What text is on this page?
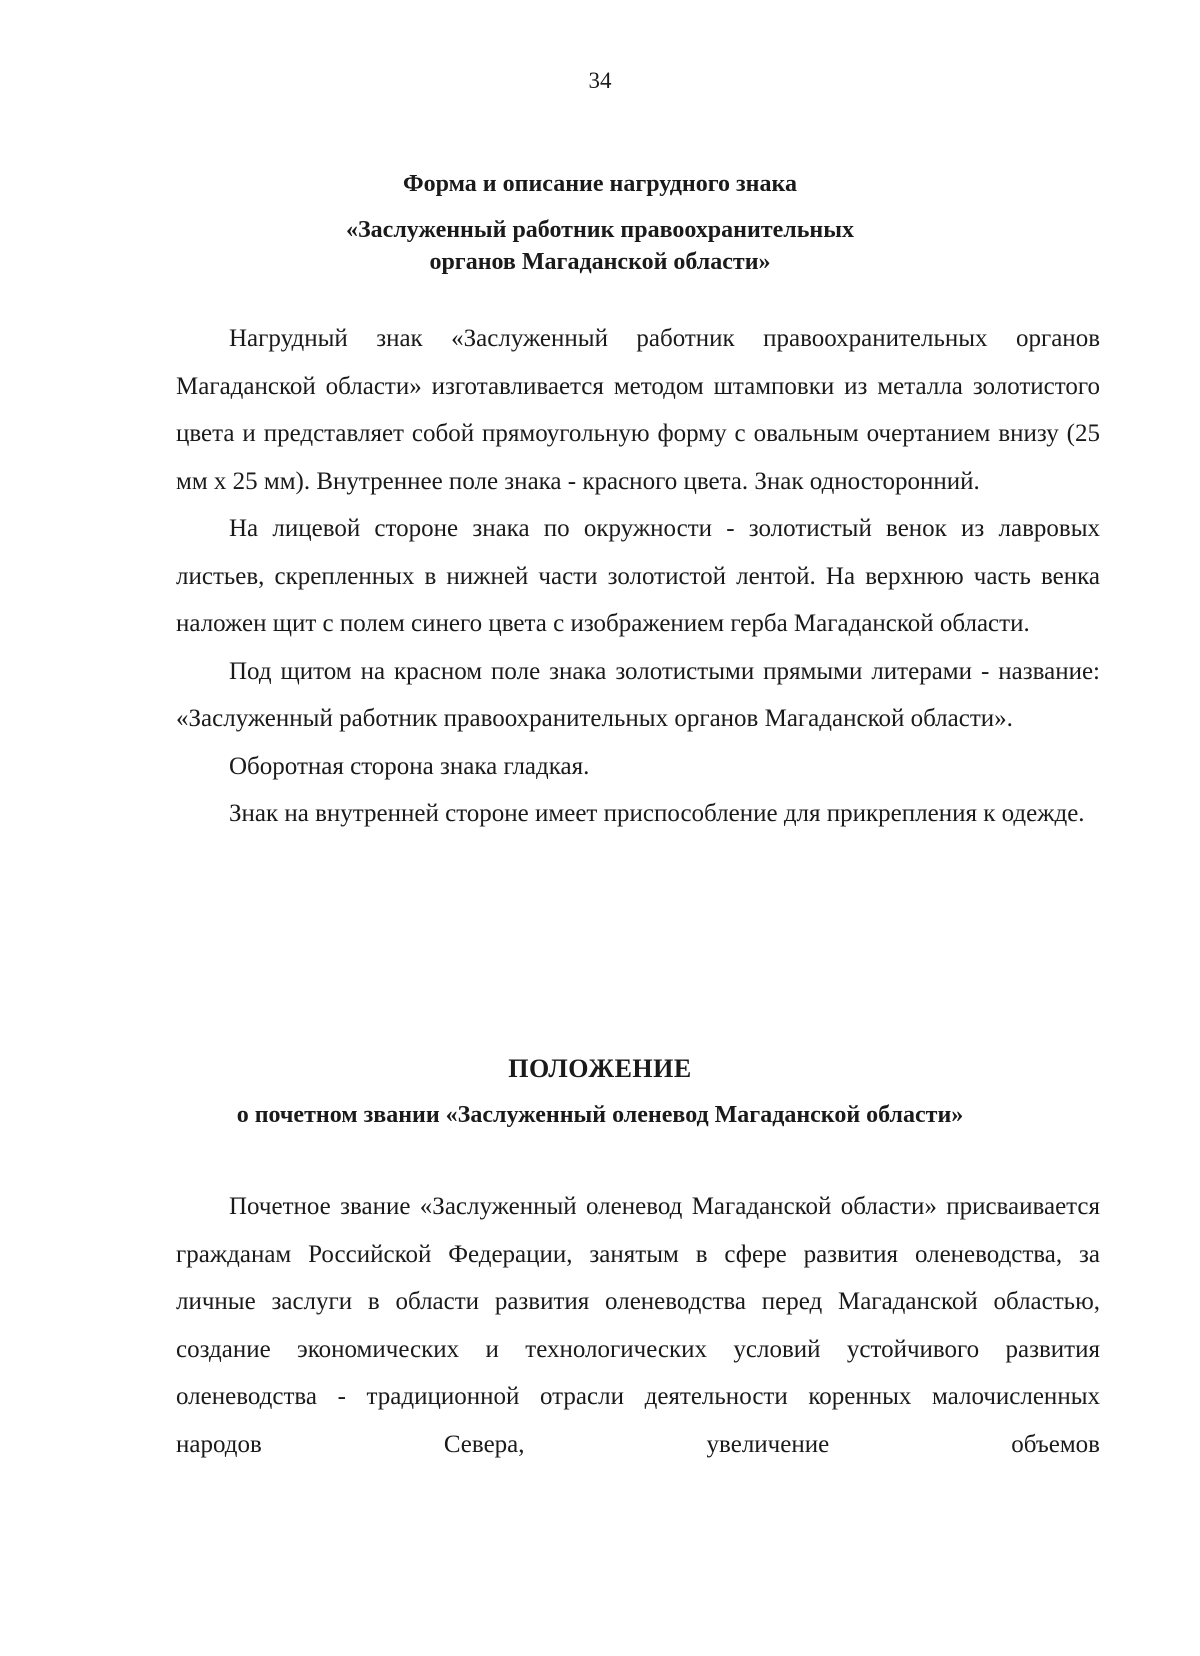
34
Форма и описание нагрудного знака
«Заслуженный работник правоохранительных
органов Магаданской области»

Нагрудный знак «Заслуженный работник правоохранительных органов Магаданской области» изготавливается методом штамповки из металла золотистого цвета и представляет собой прямоугольную форму с овальным очертанием внизу (25 мм х 25 мм). Внутреннее поле знака - красного цвета. Знак односторонний.

На лицевой стороне знака по окружности - золотистый венок из лавровых листьев, скрепленных в нижней части золотистой лентой. На верхнюю часть венка наложен щит с полем синего цвета с изображением герба Магаданской области.

Под щитом на красном поле знака золотистыми прямыми литерами - название: «Заслуженный работник правоохранительных органов Магаданской области».

Оборотная сторона знака гладкая.

Знак на внутренней стороне имеет приспособление для прикрепления к одежде.

ПОЛОЖЕНИЕ
о почетном звании «Заслуженный оленевод Магаданской области»

Почетное звание «Заслуженный оленевод Магаданской области» присваивается гражданам Российской Федерации, занятым в сфере развития оленеводства, за личные заслуги в области развития оленеводства перед Магаданской областью, создание экономических и технологических условий устойчивого развития оленеводства - традиционной отрасли деятельности коренных малочисленных народов Севера, увеличение объемов
